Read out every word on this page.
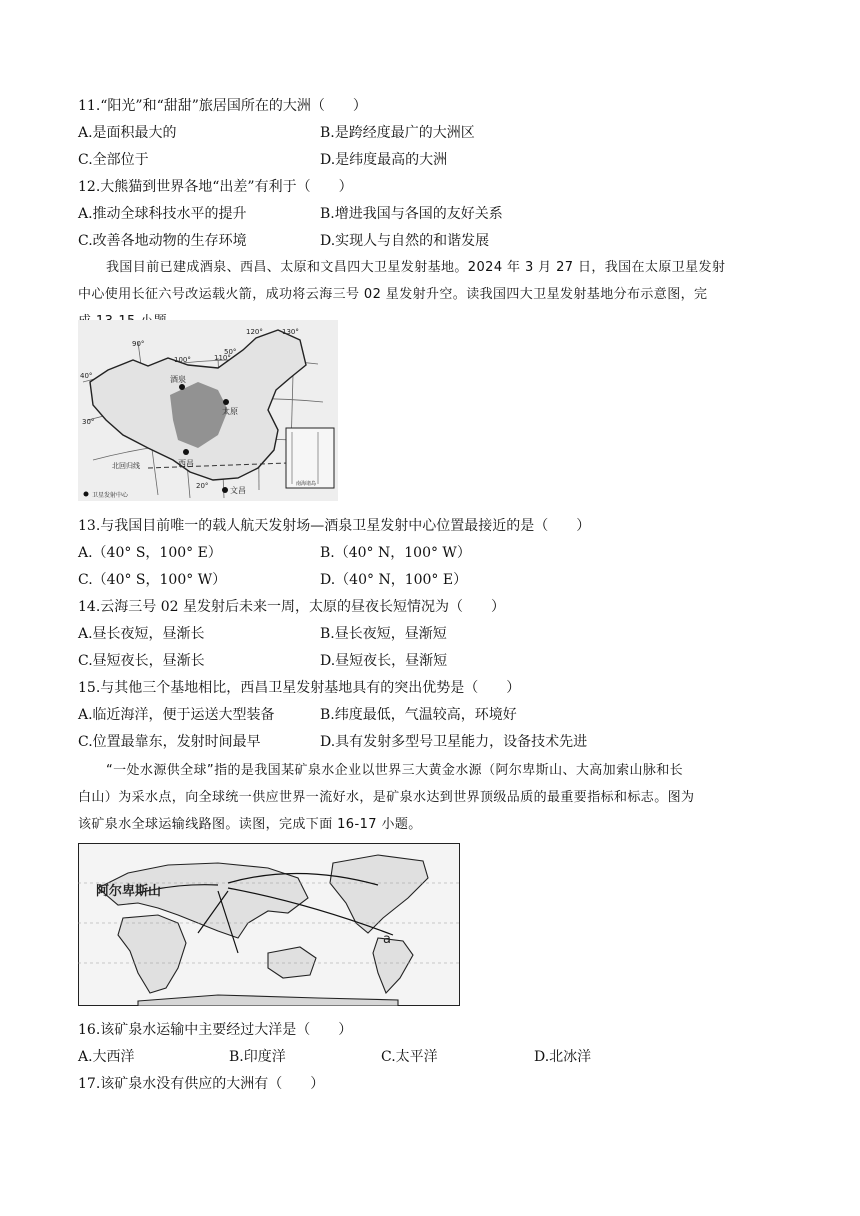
11.“阳光”和“甜甜”旅居国所在的大洲（　　）
A.是面积最大的	B.是跨经度最广的大洲区
C.全部位于	D.是纬度最高的大洲
12.大熊猫到世界各地“出差”有利于（　　）
A.推动全球科技水平的提升	B.增进我国与各国的友好关系
C.改善各地动物的生存环境	D.实现人与自然的和谐发展
我国目前已建成酒泉、西昌、太原和文昌四大卫星发射基地。2024 年 3 月 27 日，我国在太原卫星发射
中心使用长征六号改运载火箭，成功将云海三号 02 星发射升空。读我国四大卫星发射基地分布示意图，完
90°
100°	110°
120°	130°
40°
50°
30°
20°
酒泉
太原
西昌
文昌
北回归线
卫星发射中心
南海诸岛
13.与我国目前唯一的载人航天发射场—酒泉卫星发射中心位置最接近的是（　　）
A.（40° S，100° E）	B.（40° N，100° W）
C.（40° S，100° W）	D.（40° N，100° E）
14.云海三号 02 星发射后未来一周，太原的昼夜长短情况为（　　）
A.昼长夜短，昼渐长	B.昼长夜短，昼渐短
C.昼短夜长，昼渐长	D.昼短夜长，昼渐短
15.与其他三个基地相比，西昌卫星发射基地具有的突出优势是（　　）
A.临近海洋，便于运送大型装备	B.纬度最低，气温较高，环境好
C.位置最靠东，发射时间最早	D.具有发射多型号卫星能力，设备技术先进
“一处水源供全球”指的是我国某矿泉水企业以世界三大黄金水源（阿尔卑斯山、大高加索山脉和长
白山）为采水点，向全球统一供应世界一流好水，是矿泉水达到世界顶级品质的最重要指标和标志。图为
该矿泉水全球运输线路图。读图，完成下面 16-17 小题。
阿尔卑斯山
a
16.该矿泉水运输中主要经过大洋是（　　）
A.大西洋	B.印度洋	C.太平洋	D.北冰洋
17.该矿泉水没有供应的大洲有（　　）
